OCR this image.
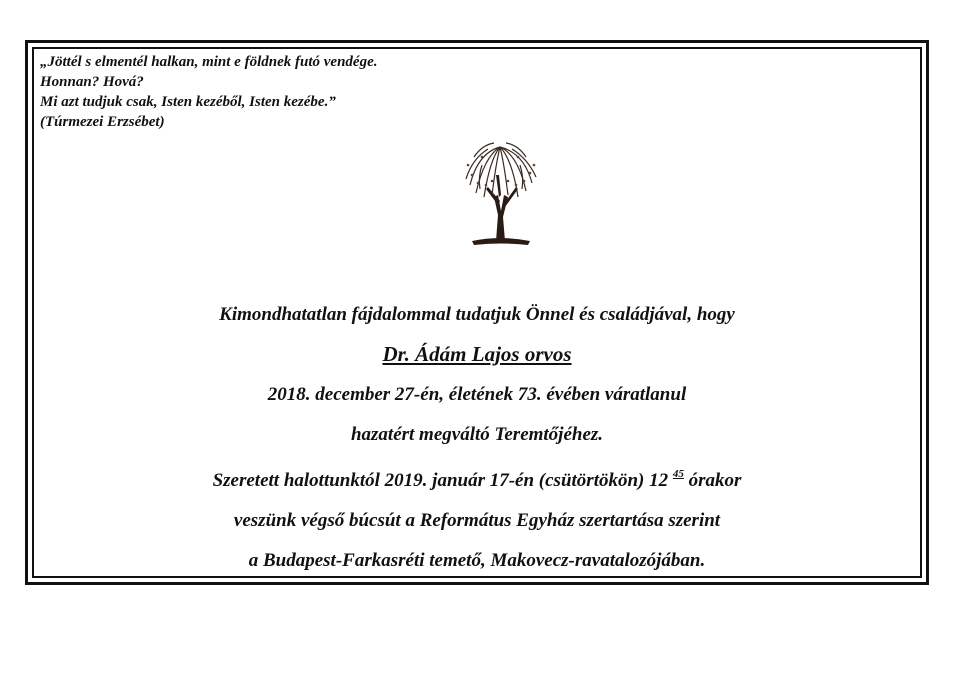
„Jöttél s elmentél halkan, mint e földnek futó vendége.
Honnan? Hová?
Mi azt tudjuk csak, Isten kezéből, Isten kezébe.”
(Túrmezei Erzsébet)
Kimondhatatlan fájdalommal tudatjuk Önnel és családjával, hogy
Dr. Ádám Lajos orvos
2018. december 27-én, életének 73. évében váratlanul
hazatért megváltó Teremtőjéhez.
Szeretett halottunktól 2019. január 17-én (csütörtökön) 12 $^{45}$ órakor
veszünk végső búcsút a Református Egyház szertartása szerint
a Budapest-Farkasréti temető, Makovecz-ravatalozójában.
